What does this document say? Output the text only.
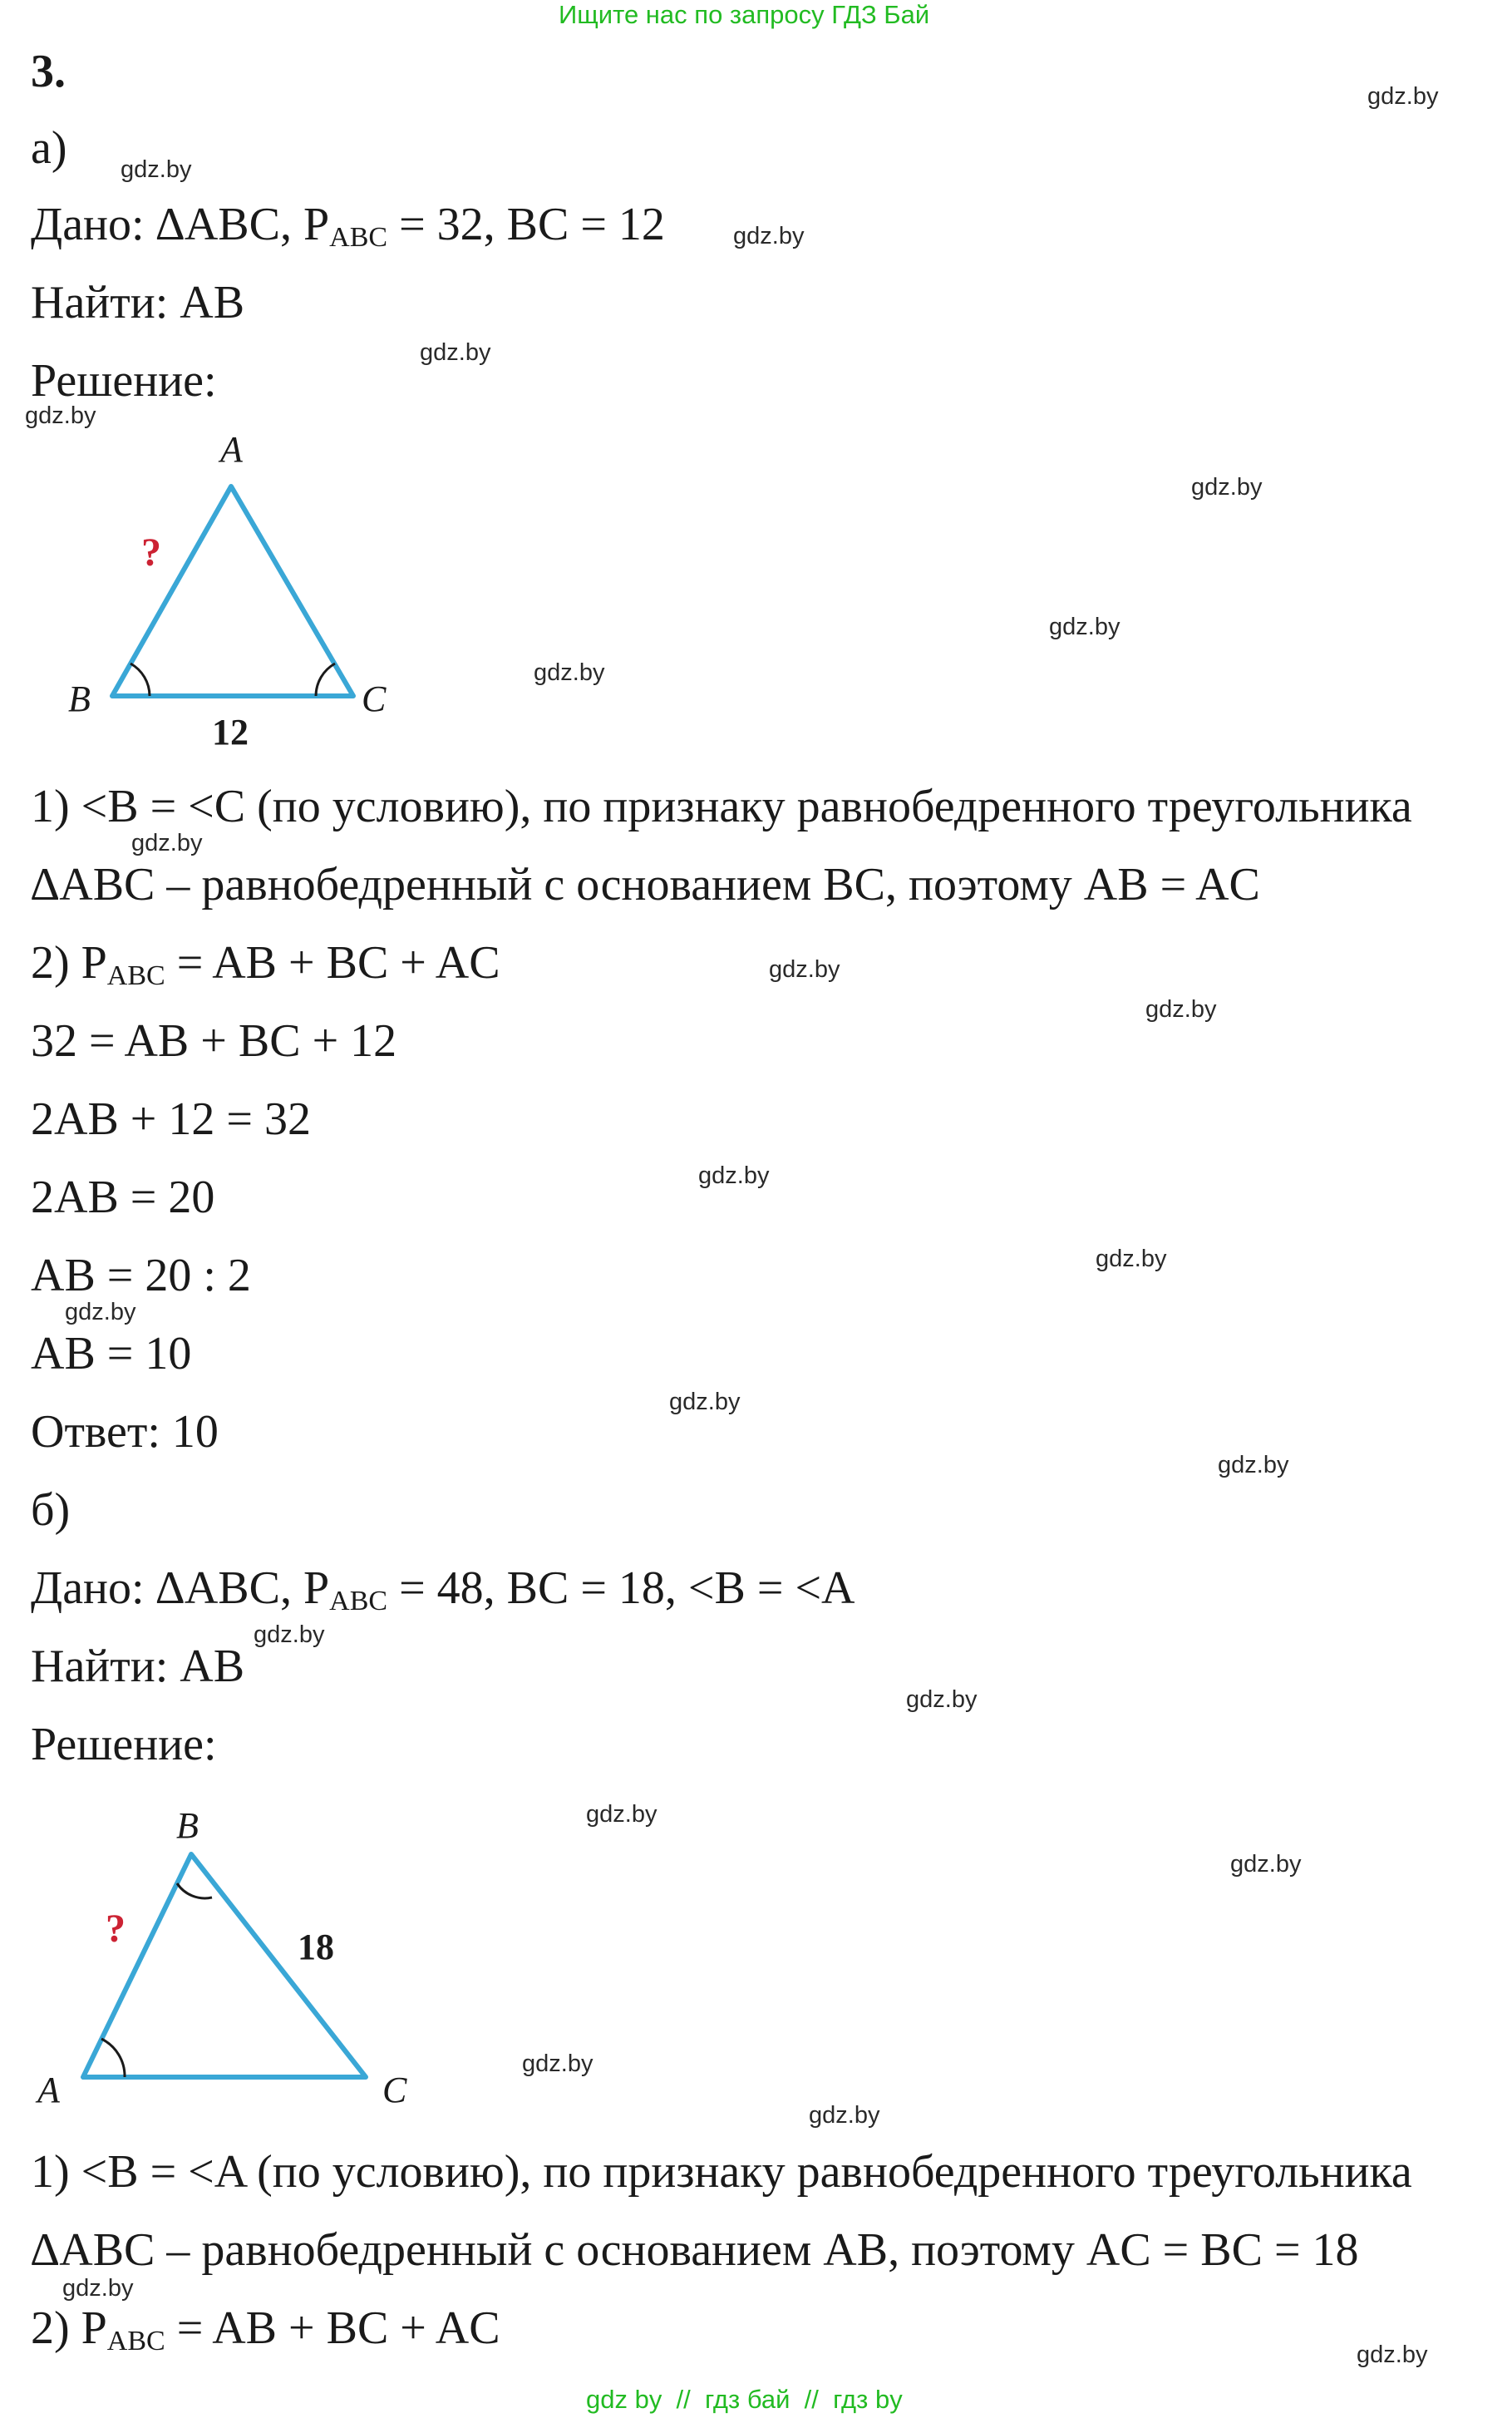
Ищите нас по запросу ГДЗ Бай
3.
а)
Дано: ∆ABC, $P_{ABC} = 32$, BC = 12
Найти: AB
Решение:
A
B	C
?
12
1) <B = <C (по условию), по признаку равнобедренного треугольника
∆ABC – равнобедренный с основанием BC, поэтому AB = AC
2) $P_{ABC}$ = AB + BC + AC
32 = AB + BC + 12
2AB + 12 = 32
2AB = 20
AB = 20 : 2
AB = 10
Ответ: 10
б)
Дано: ∆ABC, $P_{ABC} = 48$, BC = 18, <B = <A
Найти: AB
Решение:
B
A	C
?	18
1) <B = <A (по условию), по признаку равнобедренного треугольника
∆ABC – равнобедренный с основанием AB, поэтому AC = BC = 18
2) $P_{ABC}$ = AB + BC + AC
gdz.by
gdz.by
gdz.by
gdz.by
gdz.by
gdz.by
gdz.by
gdz.by
gdz.by
gdz.by
gdz.by
gdz.by
gdz.by
gdz.by
gdz.by
gdz.by
gdz.by
gdz.by
gdz.by
gdz.by
gdz.by
gdz.by
gdz.by
gdz.by
gdz by  //  гдз бай  //  гдз by
